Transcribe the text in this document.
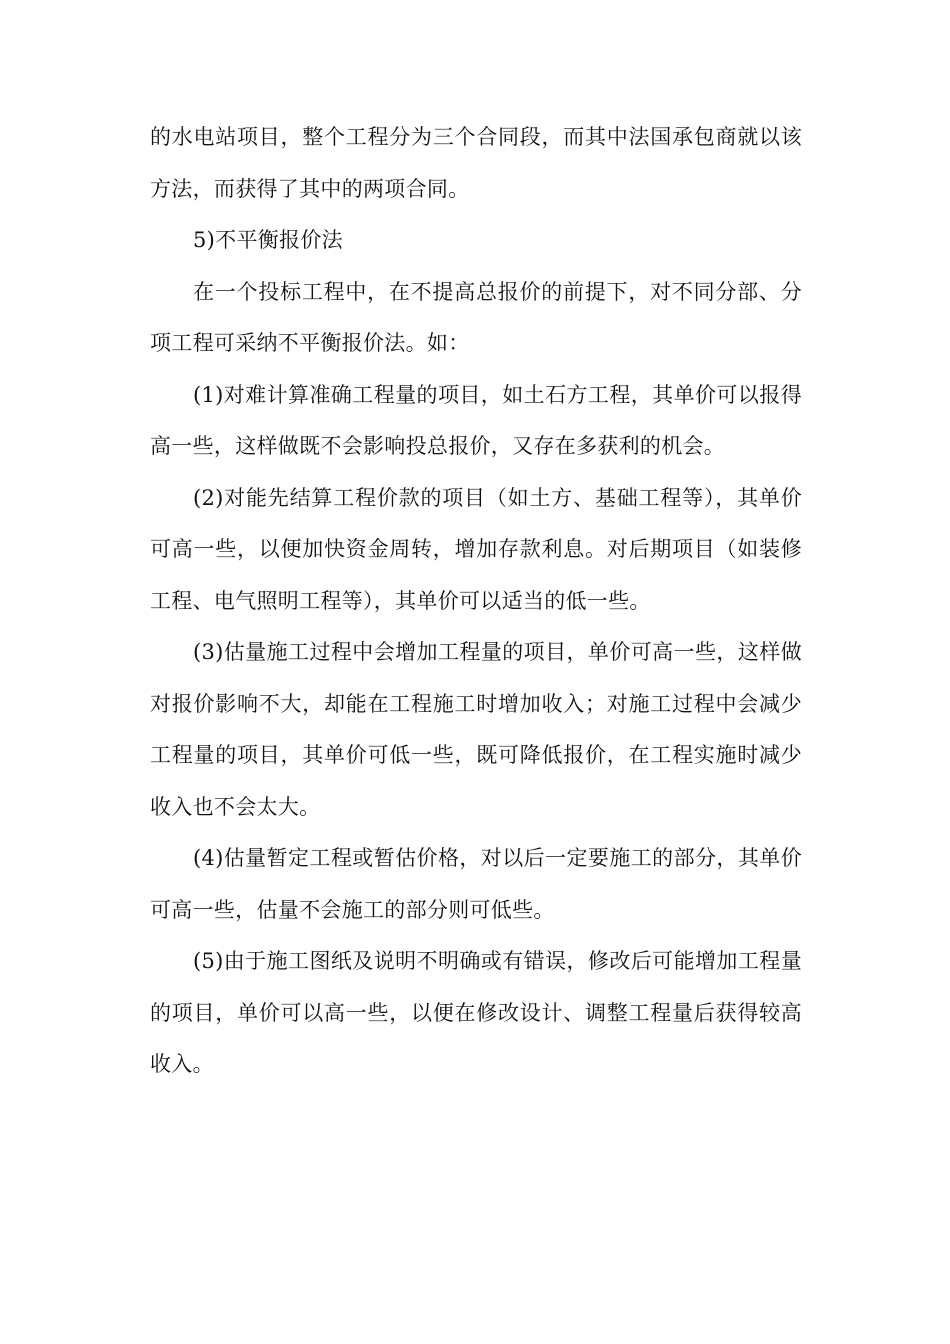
的水电站项目，整个工程分为三个合同段，而其中法国承包商就以该方法，而获得了其中的两项合同。

5)不平衡报价法

在一个投标工程中，在不提高总报价的前提下，对不同分部、分项工程可采纳不平衡报价法。如：

(1)对难计算准确工程量的项目，如土石方工程，其单价可以报得高一些，这样做既不会影响投总报价，又存在多获利的机会。

(2)对能先结算工程价款的项目（如土方、基础工程等），其单价可高一些，以便加快资金周转，增加存款利息。对后期项目（如装修工程、电气照明工程等），其单价可以适当的低一些。

(3)估量施工过程中会增加工程量的项目，单价可高一些，这样做对报价影响不大，却能在工程施工时增加收入；对施工过程中会减少工程量的项目，其单价可低一些，既可降低报价，在工程实施时减少收入也不会太大。

(4)估量暂定工程或暂估价格，对以后一定要施工的部分，其单价可高一些，估量不会施工的部分则可低些。

(5)由于施工图纸及说明不明确或有错误，修改后可能增加工程量的项目，单价可以高一些，以便在修改设计、调整工程量后获得较高收入。
